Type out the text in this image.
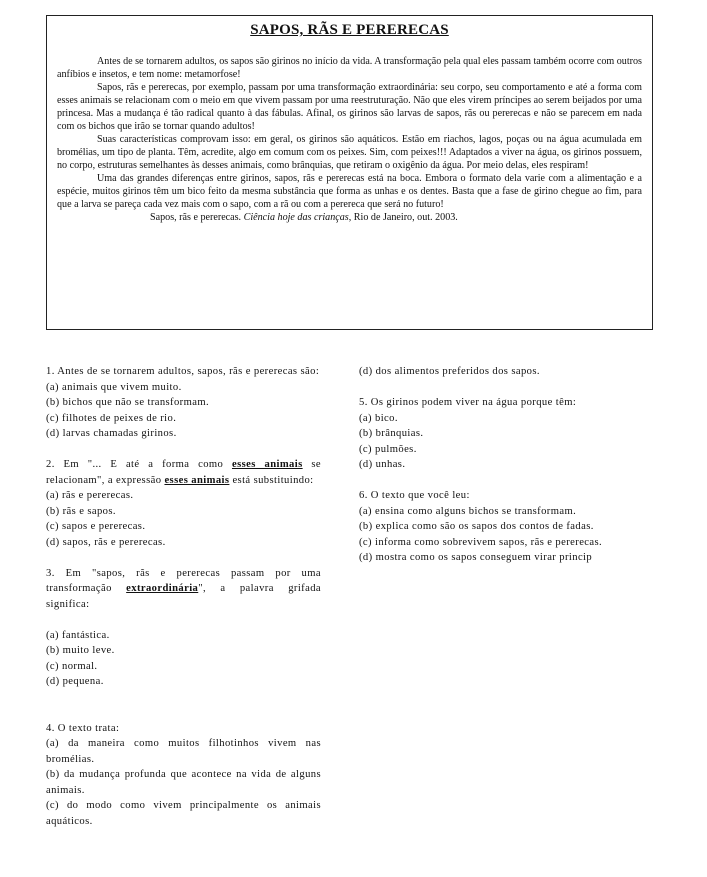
SAPOS, RÃS E PERERECAS

Antes de se tornarem adultos, os sapos são girinos no início da vida. A transformação pela qual eles passam também ocorre com outros anfíbios e insetos, e tem nome: metamorfose!

Sapos, rãs e pererecas, por exemplo, passam por uma transformação extraordinária: seu corpo, seu comportamento e até a forma com esses animais se relacionam com o meio em que vivem passam por uma reestruturação. Não que eles virem príncipes ao serem beijados por uma princesa. Mas a mudança é tão radical quanto à das fábulas. Afinal, os girinos são larvas de sapos, rãs ou pererecas e não se parecem em nada com os bichos que irão se tornar quando adultos!

Suas características comprovam isso: em geral, os girinos são aquáticos. Estão em riachos, lagos, poças ou na água acumulada em bromélias, um tipo de planta. Têm, acredite, algo em comum com os peixes. Sim, com peixes!!! Adaptados a viver na água, os girinos possuem, no corpo, estruturas semelhantes às desses animais, como brânquias, que retiram o oxigênio da água. Por meio delas, eles respiram!

Uma das grandes diferenças entre girinos, sapos, rãs e pererecas está na boca. Embora o formato dela varie com a alimentação e a espécie, muitos girinos têm um bico feito da mesma substância que forma as unhas e os dentes. Basta que a fase de girino chegue ao fim, para que a larva se pareça cada vez mais com o sapo, com a rã ou com a perereca que será no futuro!

Sapos, rãs e pererecas. Ciência hoje das crianças, Rio de Janeiro, out. 2003.

1. Antes de se tornarem adultos, sapos, rãs e pererecas são:

(a) animais que vivem muito.

(b) bichos que não se transformam.

(c) filhotes de peixes de rio.

(d) larvas chamadas girinos.

2. Em "... E até a forma como esses animais se relacionam", a expressão esses animais está substituindo:

(a) rãs e pererecas.

(b) rãs e sapos.

(c) sapos e pererecas.

(d) sapos, rãs e pererecas.

3. Em "sapos, rãs e pererecas passam por uma transformação extraordinária", a palavra grifada significa:

(a) fantástica.

(b) muito leve.

(c) normal.

(d) pequena.

4. O texto trata:

(a) da maneira como muitos filhotinhos vivem nas bromélias.

(b) da mudança profunda que acontece na vida de alguns animais.

(c) do modo como vivem principalmente os animais aquáticos.

(d) dos alimentos preferidos dos sapos.

5. Os girinos podem viver na água porque têm:

(a) bico.

(b) brânquias.

(c) pulmões.

(d) unhas.

6. O texto que você leu:

(a) ensina como alguns bichos se transformam.

(b) explica como são os sapos dos contos de fadas.

(c) informa como sobrevivem sapos, rãs e pererecas.

(d) mostra como os sapos conseguem virar princip
